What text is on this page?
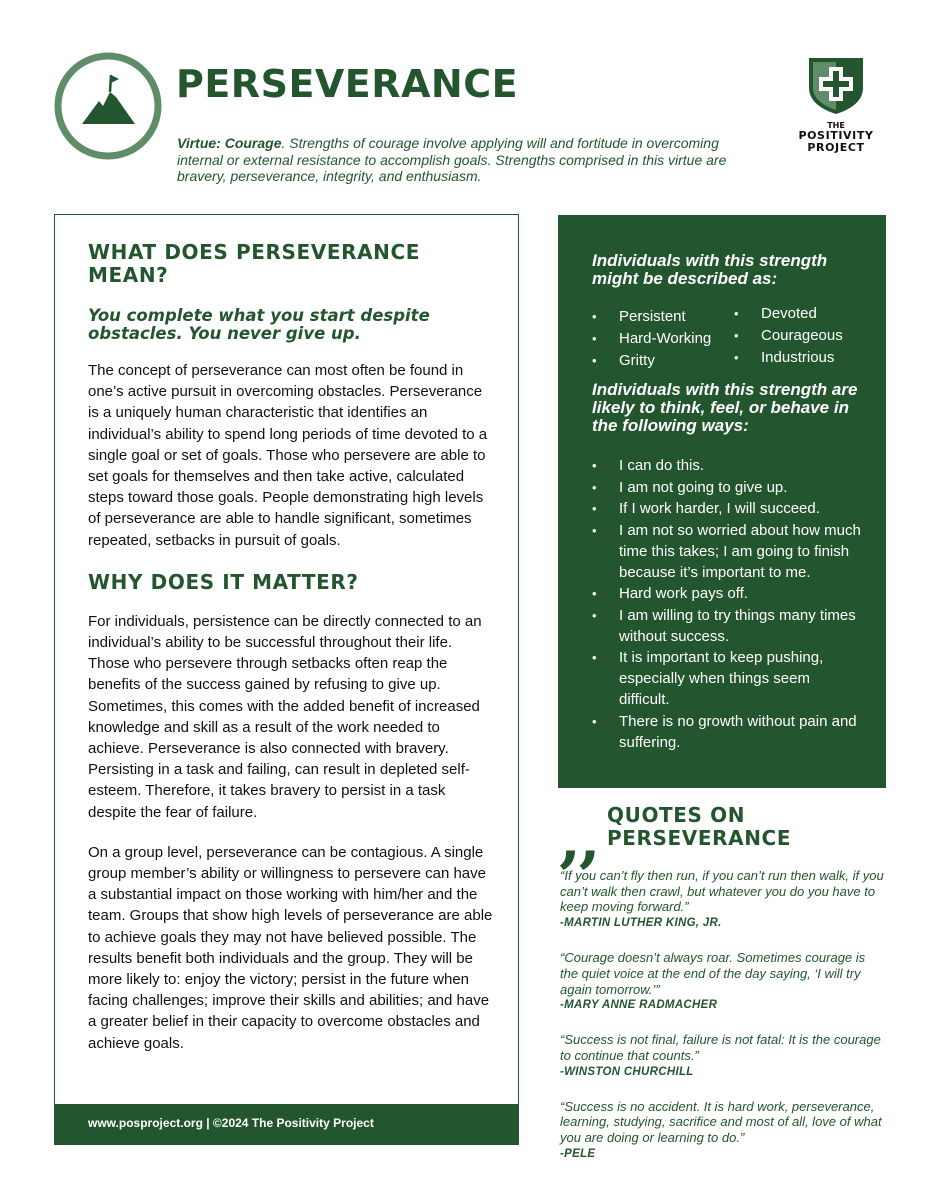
PERSEVERANCE
Virtue: Courage. Strengths of courage involve applying will and fortitude in overcoming internal or external resistance to accomplish goals. Strengths comprised in this virtue are bravery, perseverance, integrity, and enthusiasm.
THE
POSITIVITY
PROJECT
WHAT DOES PERSEVERANCE MEAN?
You complete what you start despite obstacles. You never give up.

The concept of perseverance can most often be found in one’s active pursuit in overcoming obstacles. Perseverance is a uniquely human characteristic that identifies an individual’s ability to spend long periods of time devoted to a single goal or set of goals. Those who persevere are able to set goals for themselves and then take active, calculated steps toward those goals. People demonstrating high levels of perseverance are able to handle significant, sometimes repeated, setbacks in pursuit of goals.

WHY DOES IT MATTER?

For individuals, persistence can be directly connected to an individual’s ability to be successful throughout their life. Those who persevere through setbacks often reap the benefits of the success gained by refusing to give up. Sometimes, this comes with the added benefit of increased knowledge and skill as a result of the work needed to achieve. Perseverance is also connected with bravery. Persisting in a task and failing, can result in depleted self-esteem. Therefore, it takes bravery to persist in a task despite the fear of failure.

On a group level, perseverance can be contagious. A single group member’s ability or willingness to persevere can have a substantial impact on those working with him/her and the team. Groups that show high levels of perseverance are able to achieve goals they may not have believed possible. The results benefit both individuals and the group. They will be more likely to: enjoy the victory; persist in the future when facing challenges; improve their skills and abilities; and have a greater belief in their capacity to overcome obstacles and achieve goals.

www.posproject.org | ©2024 The Positivity Project
Individuals with this strength might be described as:
• Persistent
• Hard-Working
• Gritty
• Devoted
• Courageous
• Industrious
Individuals with this strength are likely to think, feel, or behave in the following ways:
• I can do this.
• I am not going to give up.
• If I work harder, I will succeed.
• I am not so worried about how much time this takes; I am going to finish because it’s important to me.
• Hard work pays off.
• I am willing to try things many times without success.
• It is important to keep pushing, especially when things seem difficult.
• There is no growth without pain and suffering.
‚‚ QUOTES ON
PERSEVERANCE
“If you can’t fly then run, if you can’t run then walk, if you can’t walk then crawl, but whatever you do you have to keep moving forward.”
-MARTIN LUTHER KING, JR.
“Courage doesn’t always roar. Sometimes courage is the quiet voice at the end of the day saying, ‘I will try again tomorrow.’”
-MARY ANNE RADMACHER
“Success is not final, failure is not fatal: It is the courage to continue that counts.”
-WINSTON CHURCHILL
“Success is no accident. It is hard work, perseverance, learning, studying, sacrifice and most of all, love of what you are doing or learning to do.”
-PELE
